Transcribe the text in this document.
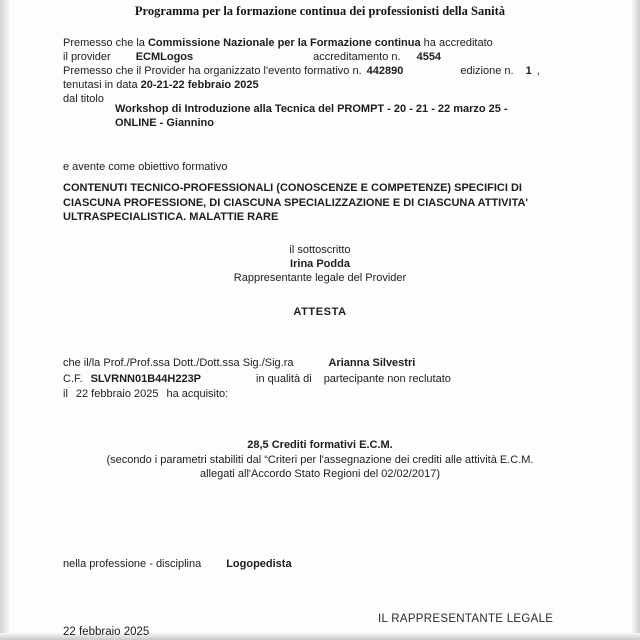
Programma per la formazione continua dei professionisti della Sanità
Premesso che la Commissione Nazionale per la Formazione continua ha accreditato
il provider ECMLogos	accreditamento n. 4554
Premesso che il Provider ha organizzato l'evento formativo n. 442890	edizione n. 1 ,
tenutasi in data 20-21-22 febbraio 2025
dal titolo
Workshop di Introduzione alla Tecnica del PROMPT - 20 - 21 - 22 marzo 25 -
ONLINE - Giannino
e avente come obiettivo formativo
CONTENUTI TECNICO-PROFESSIONALI (CONOSCENZE E COMPETENZE) SPECIFICI DI CIASCUNA PROFESSIONE, DI CIASCUNA SPECIALIZZAZIONE E DI CIASCUNA ATTIVITA' ULTRASPECIALISTICA. MALATTIE RARE
il sottoscritto
Irina Podda
Rappresentante legale del Provider
ATTESTA
che il/la Prof./Prof.ssa Dott./Dott.ssa Sig./Sig.ra	Arianna Silvestri
C.F. SLVRNN01B44H223P	in qualità di partecipante non reclutato
il 22 febbraio 2025 ha acquisito:
28,5 Crediti formativi E.C.M.
(secondo i parametri stabiliti dal “Criteri per l'assegnazione dei crediti alle attività E.C.M.
allegati all'Accordo Stato Regioni del 02/02/2017)
nella professione - disciplina Logopedista
IL RAPPRESENTANTE LEGALE
22 febbraio 2025
